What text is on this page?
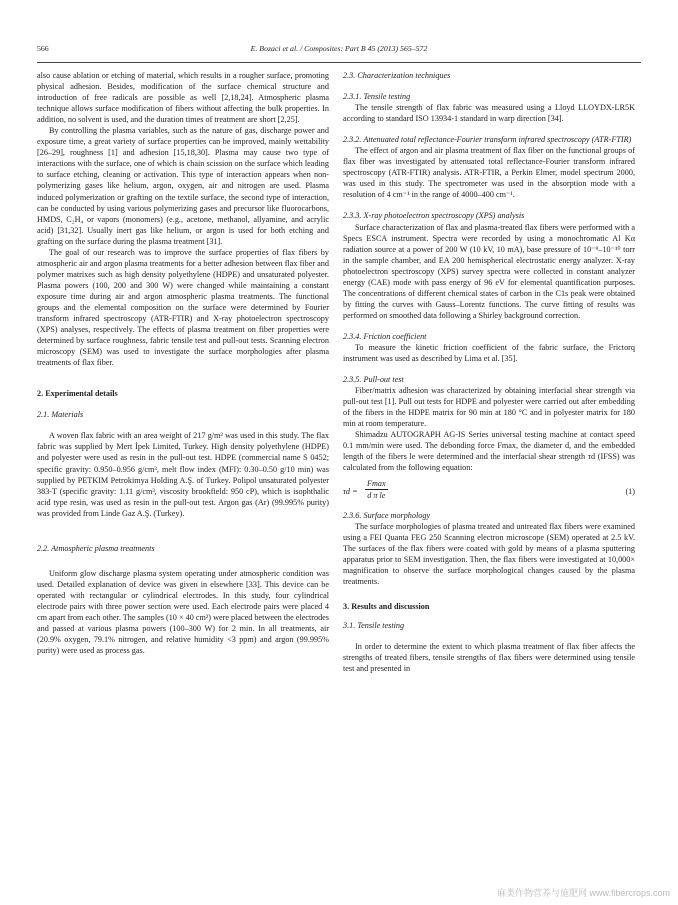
566	E. Bozaci et al. / Composites: Part B 45 (2013) 565–572

also cause ablation or etching of material, which results in a rougher surface, promoting physical adhesion. Besides, modification of the surface chemical structure and introduction of free radicals are possible as well [2,18,24]. Atmospheric plasma technique allows surface modification of fibers without affecting the bulk properties. In addition, no solvent is used, and the duration times of treatment are short [2,25].

By controlling the plasma variables, such as the nature of gas, discharge power and exposure time, a great variety of surface properties can be improved, mainly wettability [26–29], roughness [1] and adhesion [15,18,30]. Plasma may cause two type of interactions with the surface, one of which is chain scission on the surface which leading to surface etching, cleaning or activation. This type of interaction appears when non-polymerizing gases like helium, argon, oxygen, air and nitrogen are used. Plasma induced polymerization or grafting on the textile surface, the second type of interaction, can be conducted by using various polymerizing gases and precursor like fluorocarbons, HMDS, C₂H₄ or vapors (monomers) (e.g., acetone, methanol, allyamine, and acrylic acid) [31,32]. Usually inert gas like helium, or argon is used for both etching and grafting on the surface during the plasma treatment [31].

The goal of our research was to improve the surface properties of flax fibers by atmospheric air and argon plasma treatments for a better adhesion between flax fiber and polymer matrixes such as high density polyethylene (HDPE) and unsaturated polyester. Plasma powers (100, 200 and 300 W) were changed while maintaining a constant exposure time during air and argon atmospheric plasma treatments. The functional groups and the elemental composition on the surface were determined by Fourier transform infrared spectroscopy (ATR-FTIR) and X-ray photoelectron spectroscopy (XPS) analyses, respectively. The effects of plasma treatment on fiber properties were determined by surface roughness, fabric tensile test and pull-out tests. Scanning electron microscopy (SEM) was used to investigate the surface morphologies after plasma treatments of flax fiber.

2. Experimental details
2.1. Materials

A woven flax fabric with an area weight of 217 g/m² was used in this study. The flax fabric was supplied by Mert İpek Limited, Turkey. High density polyethylene (HDPE) and polyester were used as resin in the pull-out test. HDPE (commercial name S 0452; specific gravity: 0.950–0.956 g/cm³, melt flow index (MFI): 0.30–0.50 g/10 min) was supplied by PETKIM Petrokimya Holding A.Ş. of Turkey. Polipol unsaturated polyester 383-T (specific gravity: 1.11 g/cm³, viscosity brookfield: 950 cP), which is isophthalic acid type resin, was used as resin in the pull-out test. Argon gas (Ar) (99.995% purity) was provided from Linde Gaz A.Ş. (Turkey).

2.2. Atmospheric plasma treatments

Uniform glow discharge plasma system operating under atmospheric condition was used. Detailed explanation of device was given in elsewhere [33]. This device can be operated with rectangular or cylindrical electrodes. In this study, four cylindrical electrode pairs with three power section were used. Each electrode pairs were placed 4 cm apart from each other. The samples (10 × 40 cm²) were placed between the electrodes and passed at various plasma powers (100–300 W) for 2 min. In all treatments, air (20.9% oxygen, 79.1% nitrogen, and relative humidity <3 ppm) and argon (99.995% purity) were used as process gas.

2.3. Characterization techniques
2.3.1. Tensile testing

The tensile strength of flax fabric was measured using a Lloyd LLOYDX-LR5K according to standard ISO 13934-1 standard in warp direction [34].

2.3.2. Attenuated total reflectance-Fourier transform infrared spectroscopy (ATR-FTIR)

The effect of argon and air plasma treatment of flax fiber on the functional groups of flax fiber was investigated by attenuated total reflectance-Fourier transform infrared spectroscopy (ATR-FTIR) analysis. ATR-FTIR, a Perkin Elmer, model spectrum 2000, was used in this study. The spectrometer was used in the absorption mode with a resolution of 4 cm⁻¹ in the range of 4000–400 cm⁻¹.

2.3.3. X-ray photoelectron spectroscopy (XPS) analysis

Surface characterization of flax and plasma-treated flax fibers were performed with a Specs ESCA instrument. Spectra were recorded by using a monochromatic Al Kα radiation source at a power of 200 W (10 kV, 10 mA), base pressure of 10⁻⁹–10⁻¹⁰ torr in the sample chamber, and EA 200 hemispherical electrostatic energy analyzer. X-ray photoelectron spectroscopy (XPS) survey spectra were collected in constant analyzer energy (CAE) mode with pass energy of 96 eV for elemental quantification purposes. The concentrations of different chemical states of carbon in the C1s peak were obtained by fitting the curves with Gauss–Lorentz functions. The curve fitting of results was performed on smoothed data following a Shirley background correction.

2.3.4. Friction coefficient

To measure the kinetic friction coefficient of the fabric surface, the Frictorq instrument was used as described by Lima et al. [35].

2.3.5. Pull-out test

Fiber/matrix adhesion was characterized by obtaining interfacial shear strength via pull-out test [1]. Pull out tests for HDPE and polyester were carried out after embedding of the fibers in the HDPE matrix for 90 min at 180 °C and in polyester matrix for 180 min at room temperature.

Shimadzu AUTOGRAPH AG-IS Series universal testing machine at contact speed 0.1 mm/min were used. The debonding force Fmax, the diameter d, and the embedded length of the fibers le were determined and the interfacial shear strength τd (IFSS) was calculated from the following equation:

τd =
Fmax
d π le	(1)
2.3.6. Surface morphology

The surface morphologies of plasma treated and untreated flax fibers were examined using a FEI Quanta FEG 250 Scanning electron microscope (SEM) operated at 2.5 kV. The surfaces of the flax fibers were coated with gold by means of a plasma sputtering apparatus prior to SEM investigation. Then, the flax fibers were investigated at 10,000× magnification to observe the surface morphological changes caused by the plasma treatments.

3. Results and discussion
3.1. Tensile testing

In order to determine the extent to which plasma treatment of flax fiber affects the strengths of treated fibers, tensile strengths of flax fibers were determined using tensile test and presented in

麻类作物营养与施肥网 www.fibercrops.com
